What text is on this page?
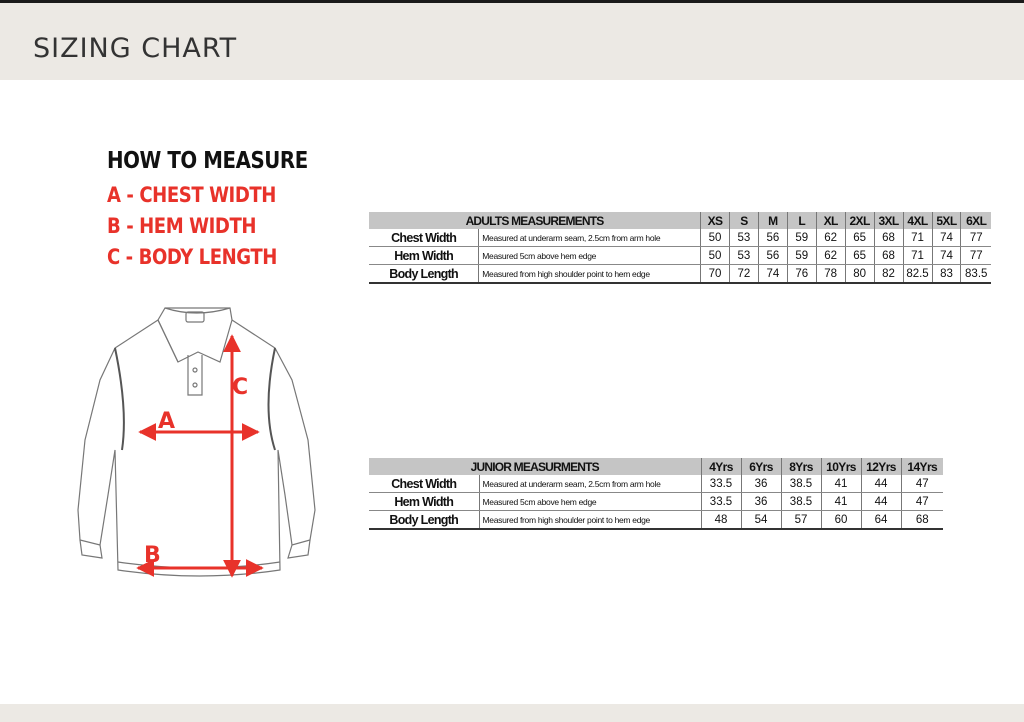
SIZING CHART
HOW TO MEASURE
A - CHEST WIDTH
B - HEM WIDTH
C - BODY LENGTH
A
B
C
ADULTS MEASUREMENTS		XS	S	M	L	XL	2XL	3XL	4XL	5XL	6XL
Chest Width	Measured at underarm seam, 2.5cm from arm hole	50	53	56	59	62	65	68	71	74	77
Hem Width	Measured 5cm above hem edge	50	53	56	59	62	65	68	71	74	77
Body Length	Measured from high shoulder point to hem edge	70	72	74	76	78	80	82	82.5	83	83.5
JUNIOR MEASURMENTS		4Yrs	6Yrs	8Yrs	10Yrs	12Yrs	14Yrs
Chest Width	Measured at underarm seam, 2.5cm from arm hole	33.5	36	38.5	41	44	47
Hem Width	Measured 5cm above hem edge	33.5	36	38.5	41	44	47
Body Length	Measured from high shoulder point to hem edge	48	54	57	60	64	68
